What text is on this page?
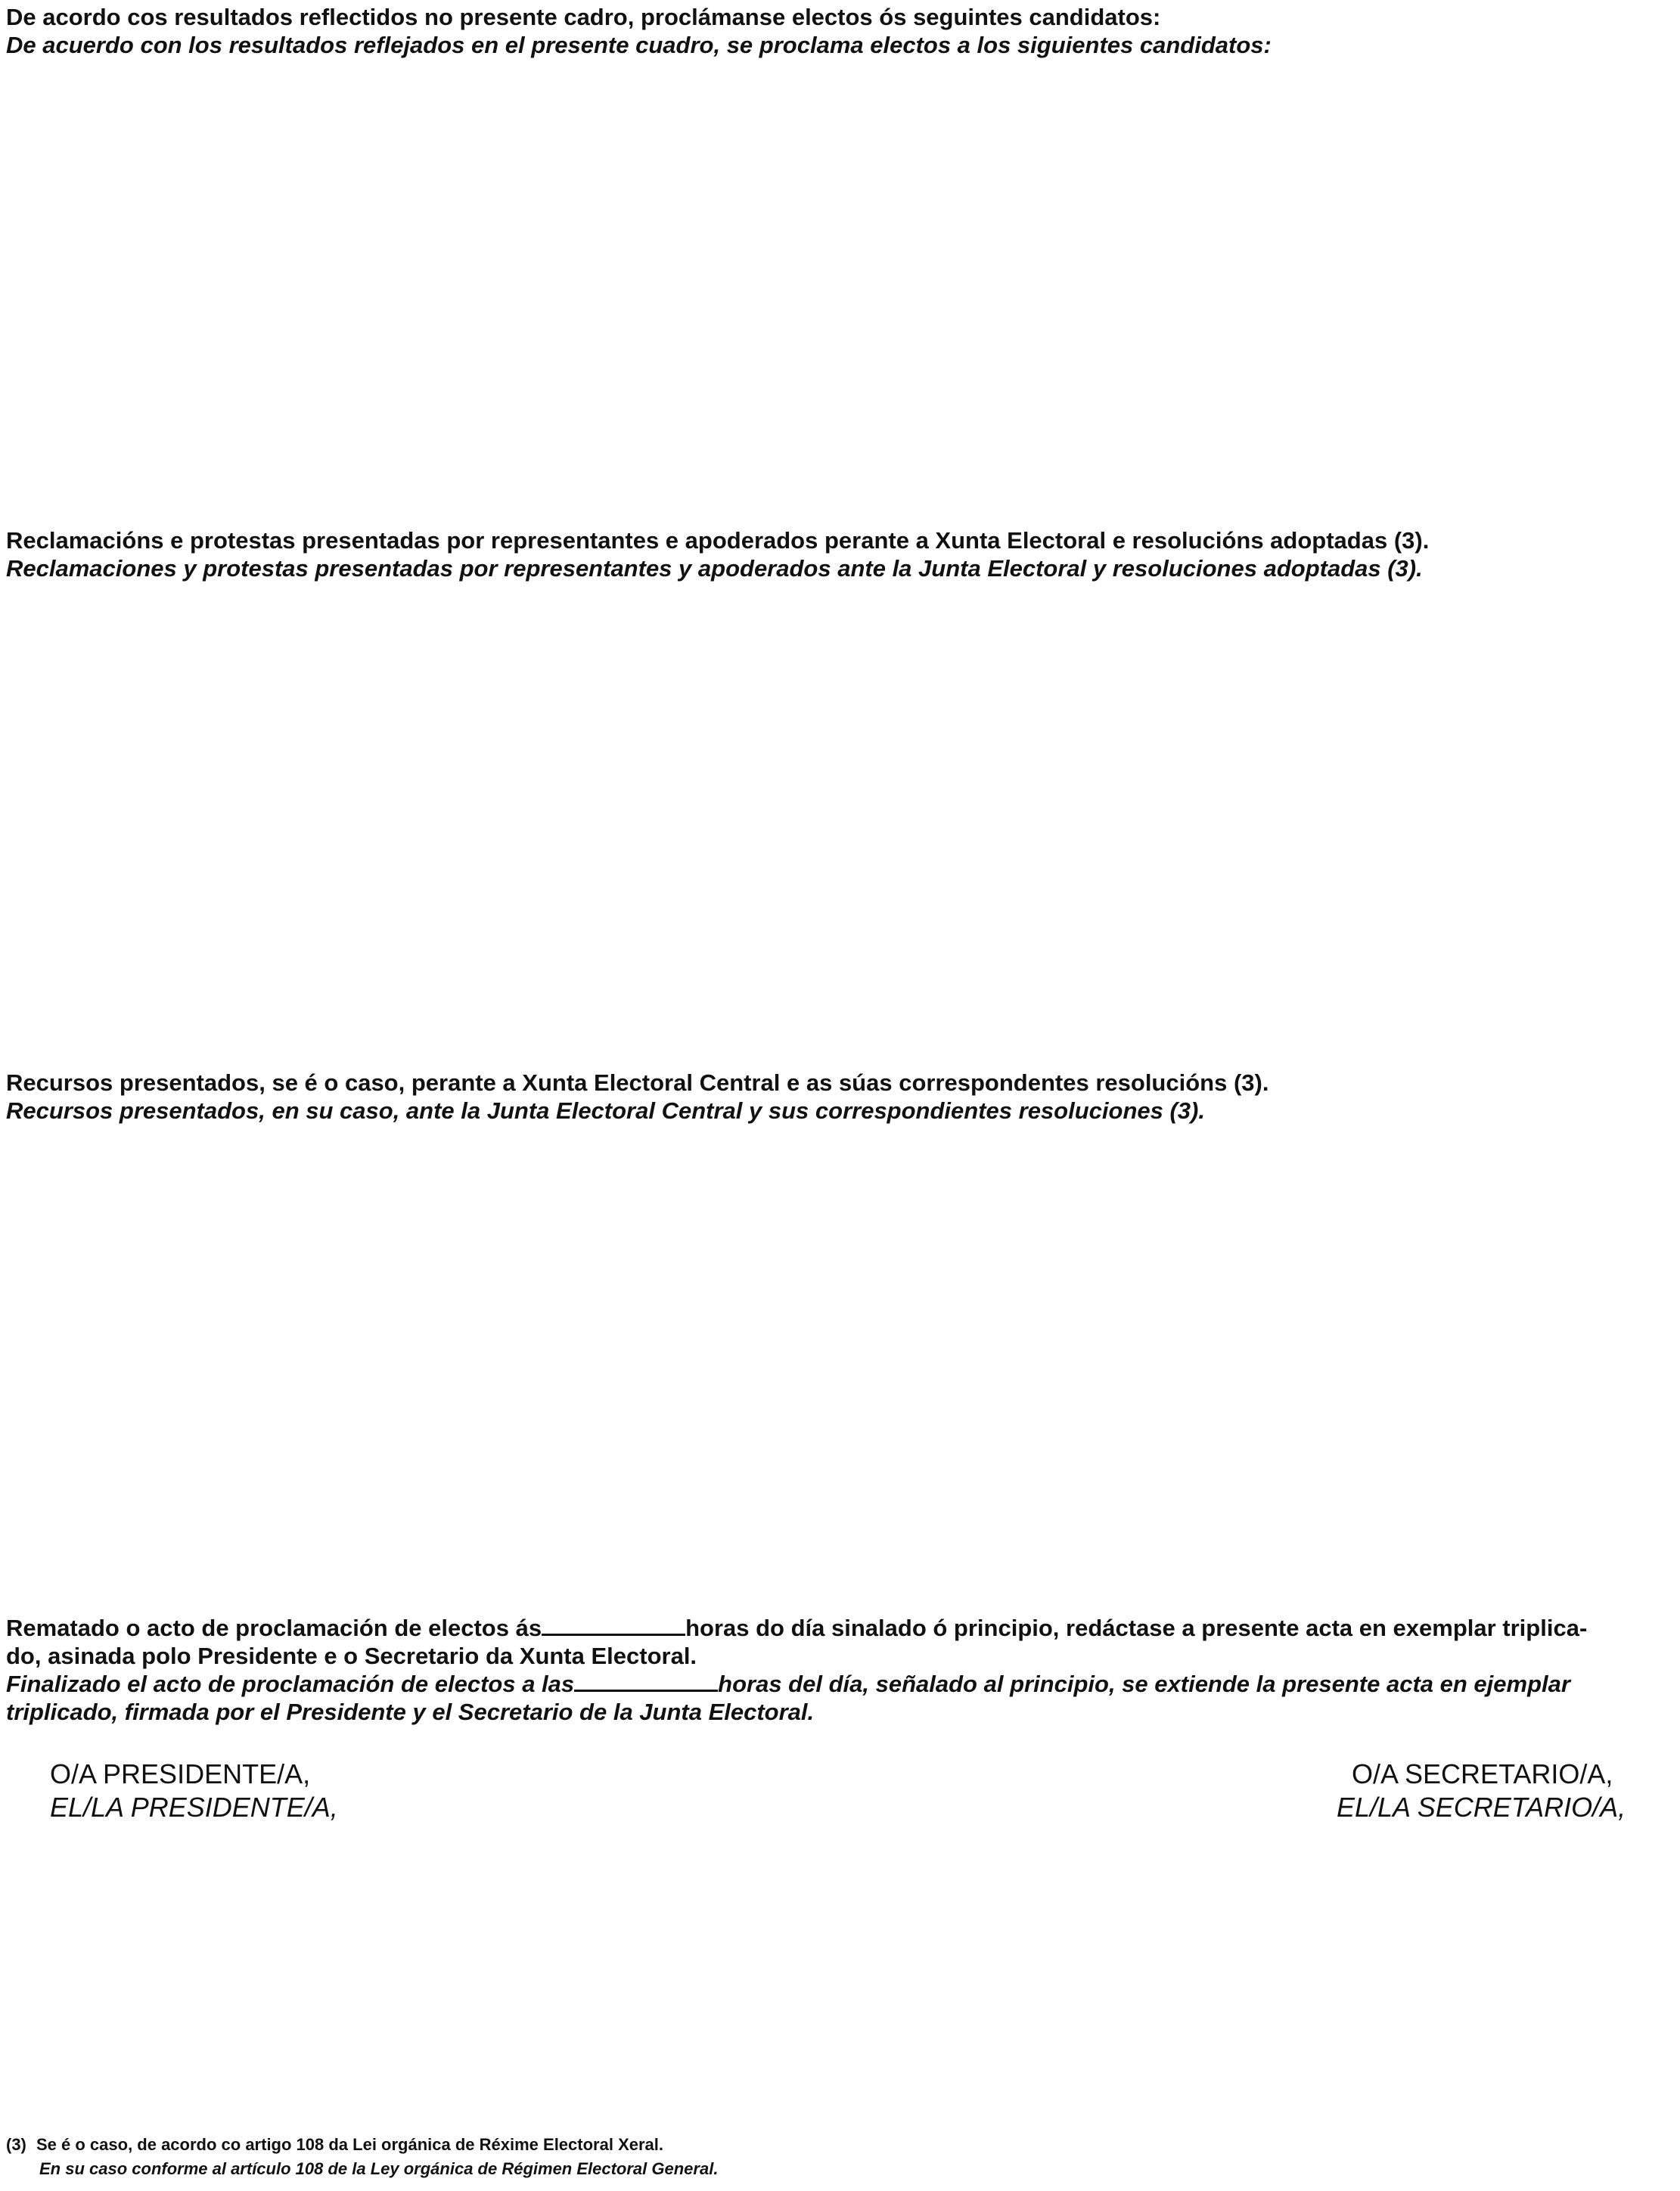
De acordo cos resultados reflectidos no presente cadro, proclámanse electos ós seguintes candidatos:
De acuerdo con los resultados reflejados en el presente cuadro, se proclama electos a los siguientes candidatos:
Reclamacións e protestas presentadas por representantes e apoderados perante a Xunta Electoral e resolucións adoptadas (3).
Reclamaciones y protestas presentadas por representantes y apoderados ante la Junta Electoral y resoluciones adoptadas (3).
Recursos presentados, se é o caso, perante a Xunta Electoral Central e as súas correspondentes resolucións (3).
Recursos presentados, en su caso, ante la Junta Electoral Central y sus correspondientes resoluciones (3).
Rematado o acto de proclamación de electos ás	horas do día sinalado ó principio, redáctase a presente acta en exemplar triplica-
do, asinada polo Presidente e o Secretario da Xunta Electoral.
Finalizado el acto de proclamación de electos a las	horas del día, señalado al principio, se extiende la presente acta en ejemplar
triplicado, firmada por el Presidente y el Secretario de la Junta Electoral.
O/A PRESIDENTE/A,
EL/LA PRESIDENTE/A,
O/A SECRETARIO/A,
EL/LA SECRETARIO/A,
(3) Se é o caso, de acordo co artigo 108 da Lei orgánica de Réxime Electoral Xeral.
En su caso conforme al artículo 108 de la Ley orgánica de Régimen Electoral General.
